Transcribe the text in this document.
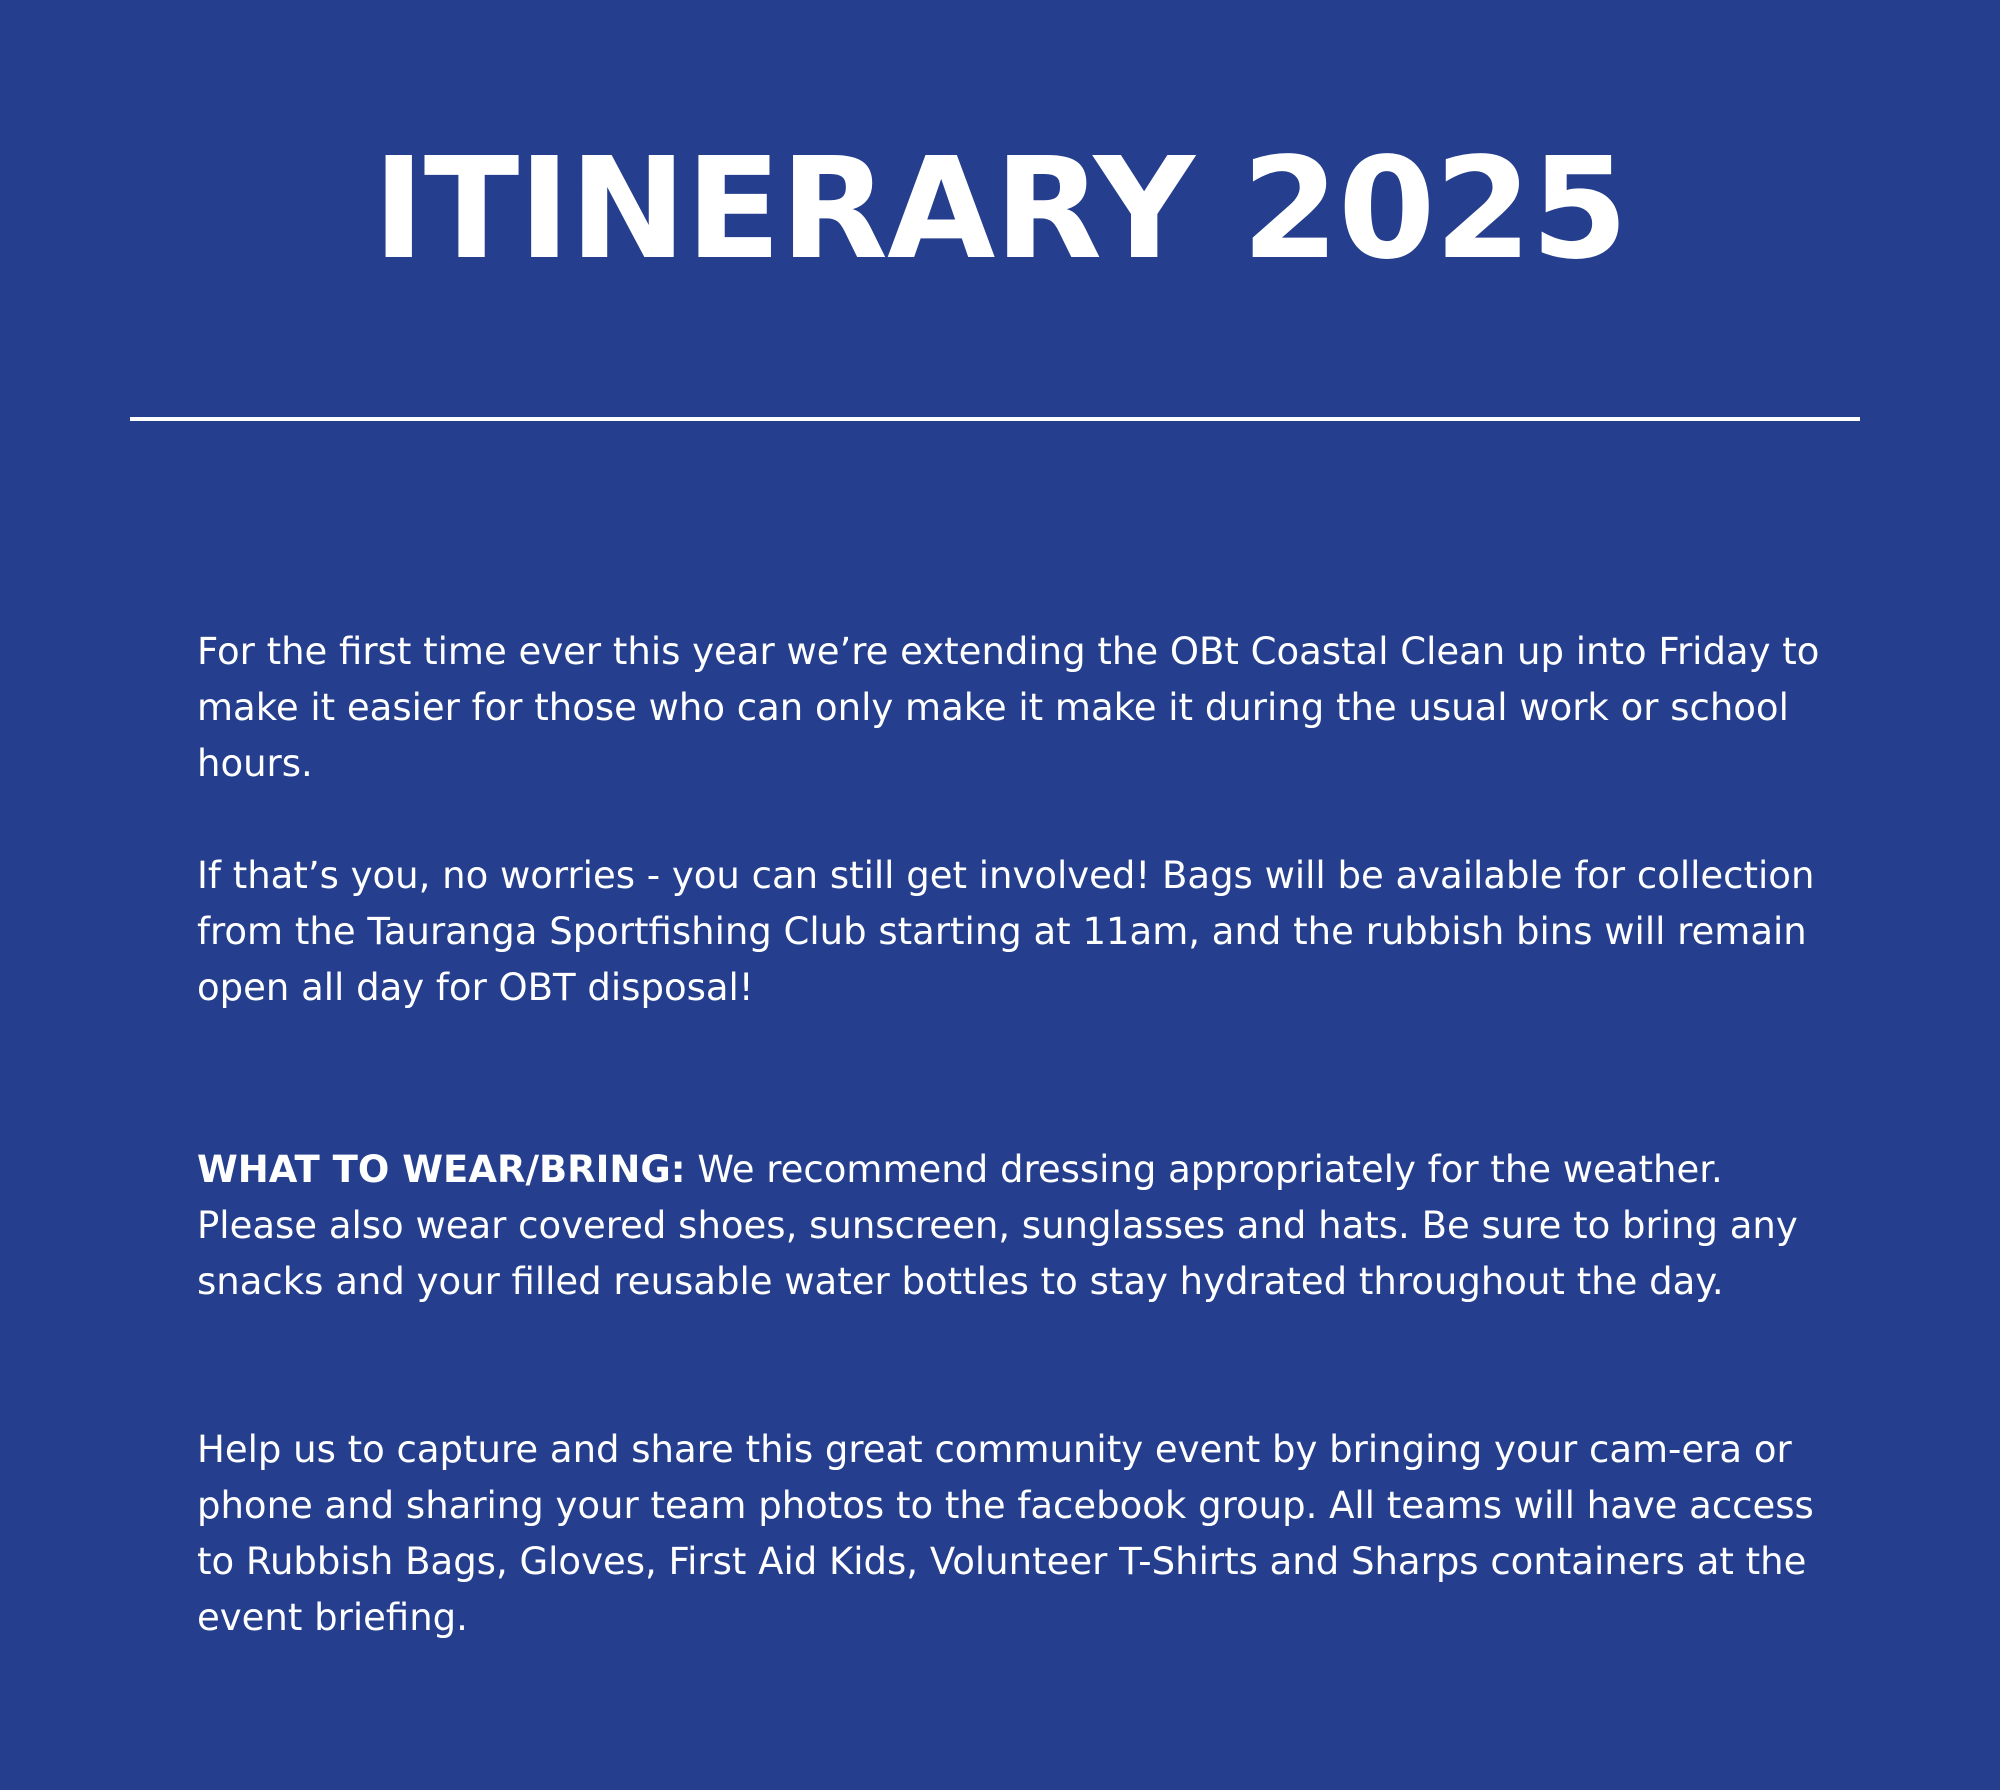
ITINERARY 2025

For the first time ever this year we’re extending the OBt Coastal Clean up into Friday to make it easier for those who can only make it make it during the usual work or school hours.

If that’s you, no worries - you can still get involved! Bags will be available for collection from the Tauranga Sportfishing Club starting at 11am, and the rubbish bins will remain open all day for OBT disposal!

WHAT TO WEAR/BRING: We recommend dressing appropriately for the weather. Please also wear covered shoes, sunscreen, sunglasses and hats. Be sure to bring any snacks and your filled reusable water bottles to stay hydrated throughout the day.

Help us to capture and share this great community event by bringing your cam-era or phone and sharing your team photos to the facebook group. All teams will have access to Rubbish Bags, Gloves, First Aid Kids, Volunteer T-Shirts and Sharps containers at the event briefing.
